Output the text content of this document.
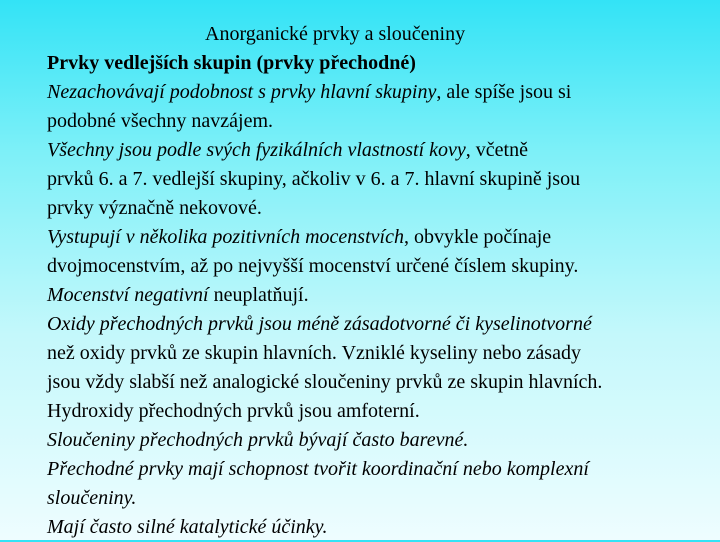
Anorganické prvky a sloučeniny
Prvky vedlejších skupin (prvky přechodné)
Nezachovávají podobnost s prvky hlavní skupiny, ale spíše jsou si
podobné všechny navzájem.
Všechny jsou podle svých fyzikálních vlastností kovy, včetně
prvků 6. a 7. vedlejší skupiny, ačkoliv v 6. a 7. hlavní skupině jsou
prvky význačně nekovové.
Vystupují v několika pozitivních mocenstvích, obvykle počínaje
dvojmocenstvím, až po nejvyšší mocenství určené číslem skupiny.
Mocenství negativní neuplatňují.
Oxidy přechodných prvků jsou méně zásadotvorné či kyselinotvorné
než oxidy prvků ze skupin hlavních. Vzniklé kyseliny nebo zásady
jsou vždy slabší než analogické sloučeniny prvků ze skupin hlavních.
Hydroxidy přechodných prvků jsou amfoterní.
Sloučeniny přechodných prvků bývají často barevné.
Přechodné prvky mají schopnost tvořit koordinační nebo komplexní
sloučeniny.
Mají často silné katalytické účinky.
